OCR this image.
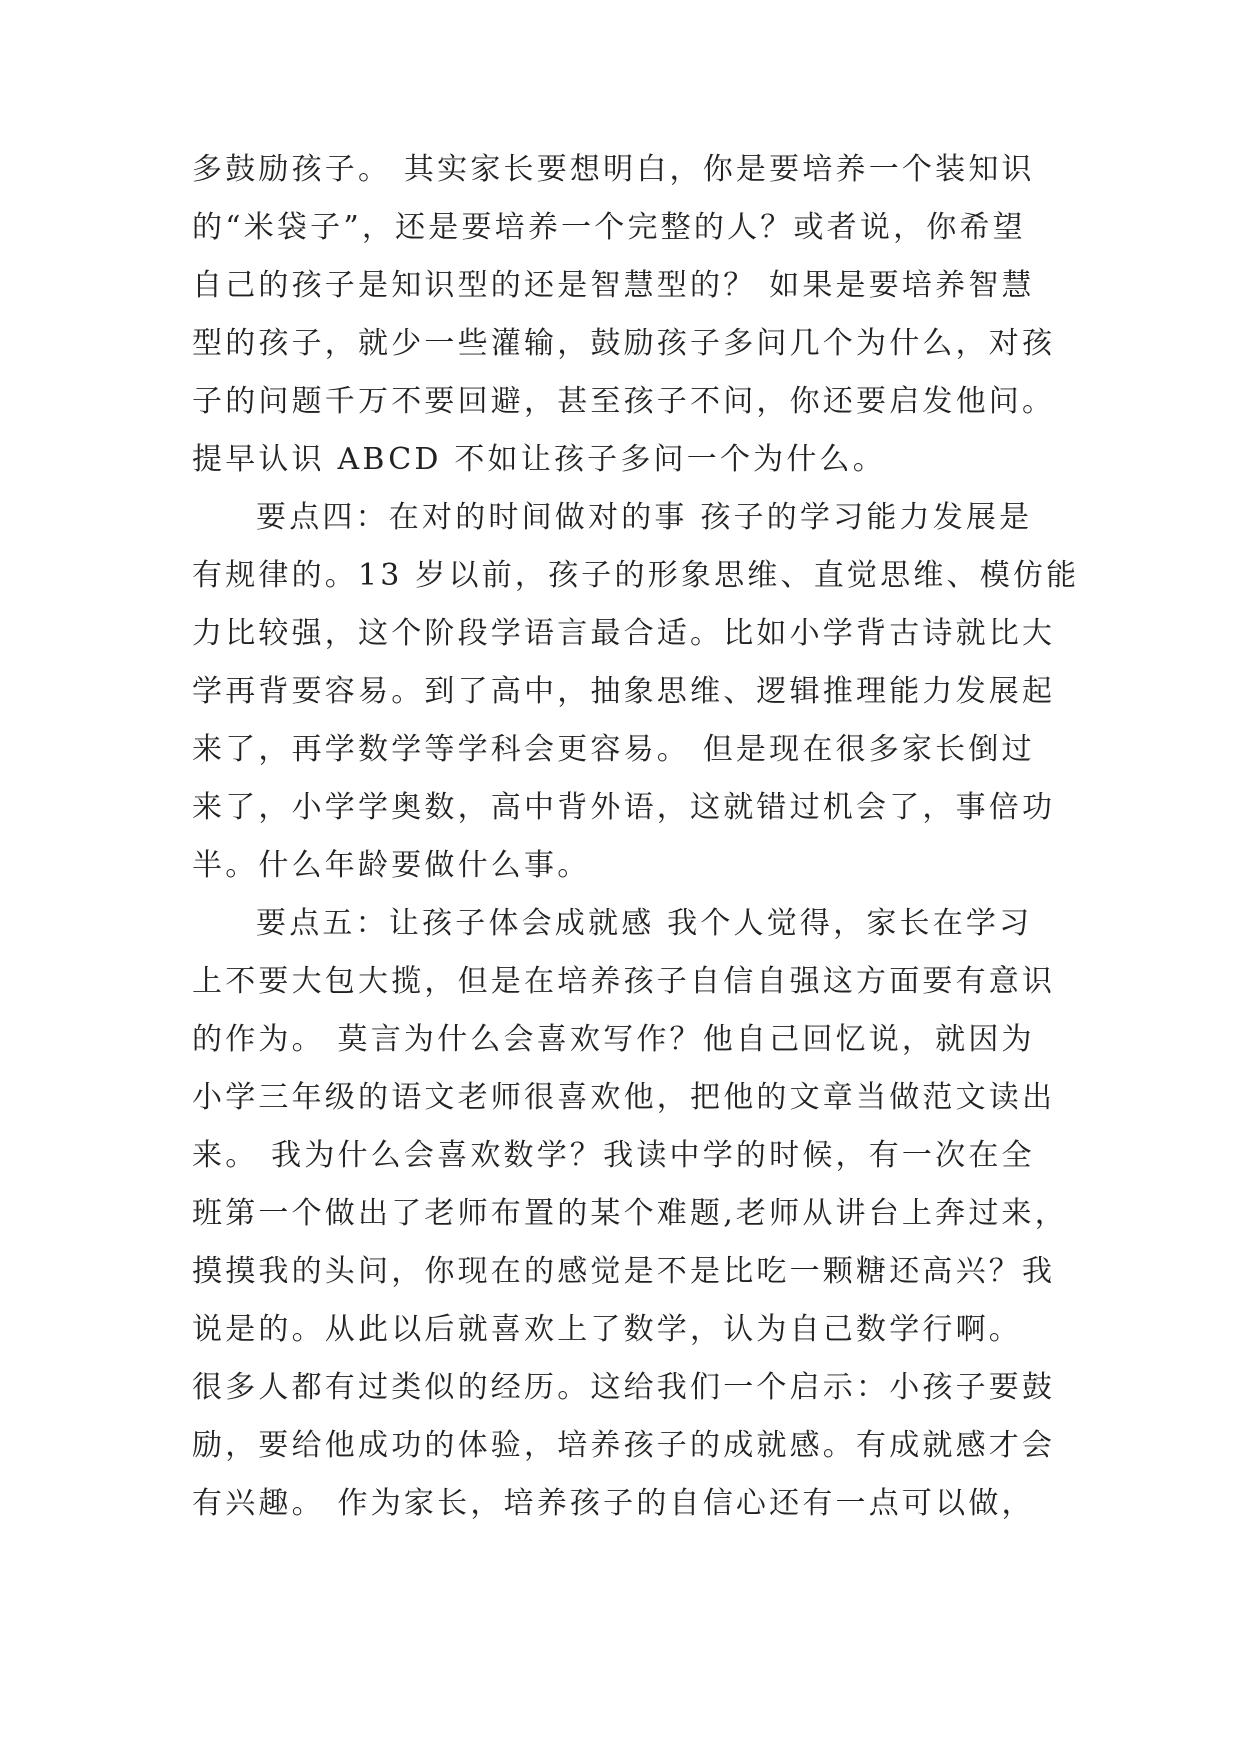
多鼓励孩子。 其实家长要想明白，你是要培养一个装知识
的“米袋子”，还是要培养一个完整的人？或者说，你希望
自己的孩子是知识型的还是智慧型的？ 如果是要培养智慧
型的孩子，就少一些灌输，鼓励孩子多问几个为什么，对孩
子的问题千万不要回避，甚至孩子不问，你还要启发他问。
提早认识 ABCD 不如让孩子多问一个为什么。
要点四：在对的时间做对的事 孩子的学习能力发展是
有规律的。13 岁以前，孩子的形象思维、直觉思维、模仿能
力比较强，这个阶段学语言最合适。比如小学背古诗就比大
学再背要容易。到了高中，抽象思维、逻辑推理能力发展起
来了，再学数学等学科会更容易。 但是现在很多家长倒过
来了，小学学奥数，高中背外语，这就错过机会了，事倍功
半。什么年龄要做什么事。
要点五：让孩子体会成就感 我个人觉得，家长在学习
上不要大包大揽，但是在培养孩子自信自强这方面要有意识
的作为。 莫言为什么会喜欢写作？他自己回忆说，就因为
小学三年级的语文老师很喜欢他，把他的文章当做范文读出
来。 我为什么会喜欢数学？我读中学的时候，有一次在全
班第一个做出了老师布置的某个难题,老师从讲台上奔过来，
摸摸我的头问，你现在的感觉是不是比吃一颗糖还高兴？我
说是的。从此以后就喜欢上了数学，认为自己数学行啊。
很多人都有过类似的经历。这给我们一个启示：小孩子要鼓
励，要给他成功的体验，培养孩子的成就感。有成就感才会
有兴趣。 作为家长，培养孩子的自信心还有一点可以做，
